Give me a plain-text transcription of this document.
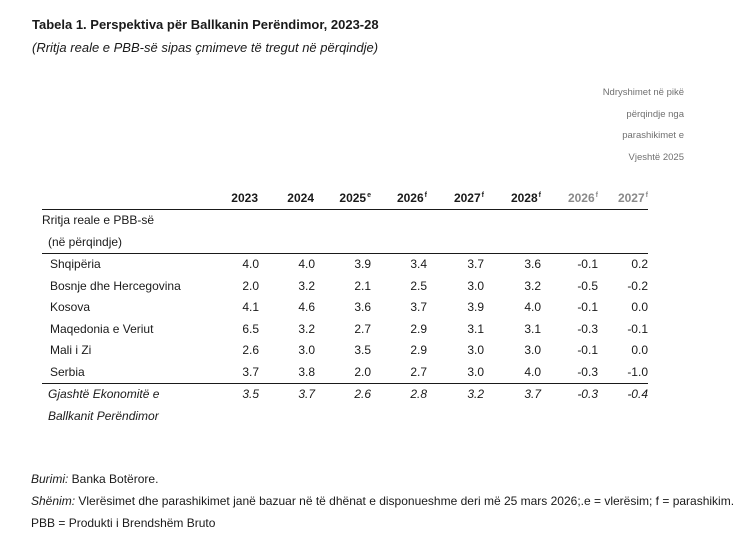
Tabela 1. Perspektiva për Ballkanin Perëndimor, 2023-28
(Rritja reale e PBB-së sipas çmimeve të tregut në përqindje)
Ndryshimet në pikë
përqindje nga
parashikimet e
Vjeshtë 2025
	2023	2024	2025e	2026$^f$	2027$^f$	2028$^f$	2026$^f$	2027$^f$
Rritja reale e PBB-së								
(në përqindje)								
Shqipëria	4.0	4.0	3.9	3.4	3.7	3.6	-0.1	0.2
Bosnje dhe Hercegovina	2.0	3.2	2.1	2.5	3.0	3.2	-0.5	-0.2
Kosova	4.1	4.6	3.6	3.7	3.9	4.0	-0.1	0.0
Maqedonia e Veriut	6.5	3.2	2.7	2.9	3.1	3.1	-0.3	-0.1
Mali i Zi	2.6	3.0	3.5	2.9	3.0	3.0	-0.1	0.0
Serbia	3.7	3.8	2.0	2.7	3.0	4.0	-0.3	-1.0
Gjashtë Ekonomitë e	3.5	3.7	2.6	2.8	3.2	3.7	-0.3	-0.4
Ballkanit Perëndimor								
Burimi: Banka Botërore.
Shënim: Vlerësimet dhe parashikimet janë bazuar në të dhënat e disponueshme deri më 25 mars 2026;.e = vlerësim; f = parashikim.
PBB = Produkti i Brendshëm Bruto
